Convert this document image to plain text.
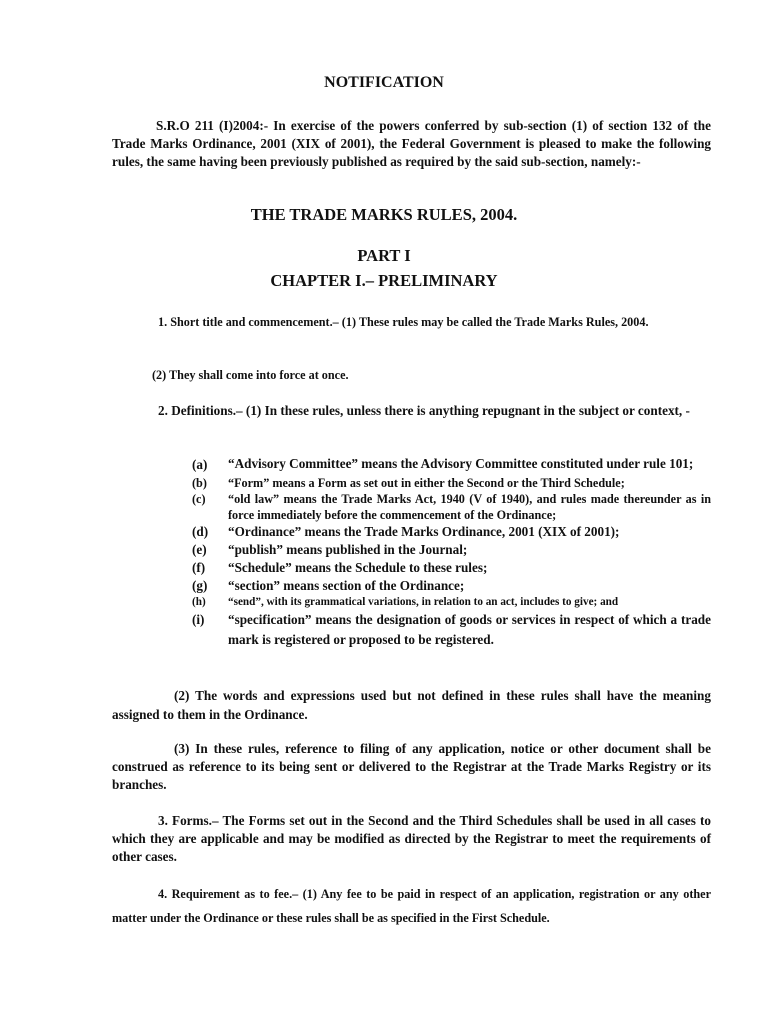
NOTIFICATION
S.R.O 211 (I)2004:- In exercise of the powers conferred by sub-section (1) of section 132 of the Trade Marks Ordinance, 2001 (XIX of 2001), the Federal Government is pleased to make the following rules, the same having been previously published as required by the said sub-section, namely:-
THE TRADE MARKS RULES, 2004.
PART I
CHAPTER I.– PRELIMINARY
1. Short title and commencement.– (1) These rules may be called the Trade Marks Rules, 2004.
(2) They shall come into force at once.
2. Definitions.– (1) In these rules, unless there is anything repugnant in the subject or context, -
(a)	“Advisory Committee” means the Advisory Committee constituted under rule 101;
(b)	“Form” means a Form as set out in either the Second or the Third Schedule;
(c)	“old law” means the Trade Marks Act, 1940 (V of 1940), and rules made thereunder as in force immediately before the commencement of the Ordinance;
(d)	“Ordinance” means the Trade Marks Ordinance, 2001 (XIX of 2001);
(e)	“publish” means published in the Journal;
(f)	“Schedule” means the Schedule to these rules;
(g)	“section” means section of the Ordinance;
(h)	“send”, with its grammatical variations, in relation to an act, includes to give; and
(i)	“specification” means the designation of goods or services in respect of which a trade mark is registered or proposed to be registered.
(2) The words and expressions used but not defined in these rules shall have the meaning assigned to them in the Ordinance.
(3) In these rules, reference to filing of any application, notice or other document shall be construed as reference to its being sent or delivered to the Registrar at the Trade Marks Registry or its branches.
3. Forms.– The Forms set out in the Second and the Third Schedules shall be used in all cases to which they are applicable and may be modified as directed by the Registrar to meet the requirements of other cases.
4. Requirement as to fee.– (1) Any fee to be paid in respect of an application, registration or any other matter under the Ordinance or these rules shall be as specified in the First Schedule.
